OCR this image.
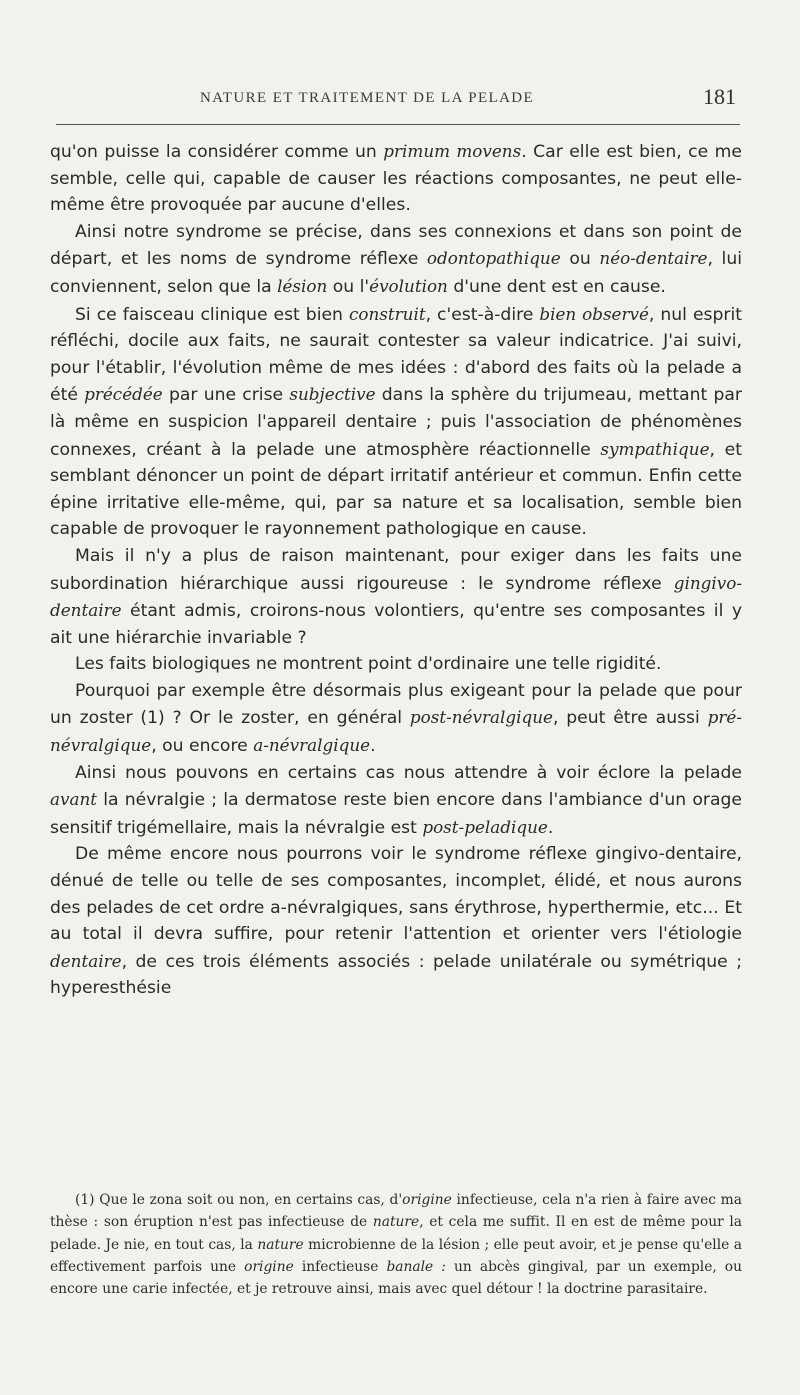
NATURE ET TRAITEMENT DE LA PELADE	181

qu'on puisse la considérer comme un primum movens. Car elle est bien, ce me semble, celle qui, capable de causer les réactions composantes, ne peut elle-même être provoquée par aucune d'elles.

Ainsi notre syndrome se précise, dans ses connexions et dans son point de départ, et les noms de syndrome réflexe odontopathique ou néo-dentaire, lui conviennent, selon que la lésion ou l'évolution d'une dent est en cause.

Si ce faisceau clinique est bien construit, c'est-à-dire bien observé, nul esprit réfléchi, docile aux faits, ne saurait contester sa valeur indicatrice. J'ai suivi, pour l'établir, l'évolution même de mes idées : d'abord des faits où la pelade a été précédée par une crise subjective dans la sphère du trijumeau, mettant par là même en suspicion l'appareil dentaire ; puis l'association de phénomènes connexes, créant à la pelade une atmosphère réactionnelle sympathique, et semblant dénoncer un point de départ irritatif antérieur et commun. Enfin cette épine irritative elle-même, qui, par sa nature et sa localisation, semble bien capable de provoquer le rayonnement pathologique en cause.

Mais il n'y a plus de raison maintenant, pour exiger dans les faits une subordination hiérarchique aussi rigoureuse : le syndrome réflexe gingivo-dentaire étant admis, croirons-nous volontiers, qu'entre ses composantes il y ait une hiérarchie invariable ?

Les faits biologiques ne montrent point d'ordinaire une telle rigidité.

Pourquoi par exemple être désormais plus exigeant pour la pelade que pour un zoster (1) ? Or le zoster, en général post-névralgique, peut être aussi pré-névralgique, ou encore a-névralgique.

Ainsi nous pouvons en certains cas nous attendre à voir éclore la pelade avant la névralgie ; la dermatose reste bien encore dans l'ambiance d'un orage sensitif trigémellaire, mais la névralgie est post-peladique.

De même encore nous pourrons voir le syndrome réflexe gingivo-dentaire, dénué de telle ou telle de ses composantes, incomplet, élidé, et nous aurons des pelades de cet ordre a-névralgiques, sans érythrose, hyperthermie, etc... Et au total il devra suffire, pour retenir l'attention et orienter vers l'étiologie dentaire, de ces trois éléments associés : pelade unilatérale ou symétrique ; hyperesthésie

(1) Que le zona soit ou non, en certains cas, d'origine infectieuse, cela n'a rien à faire avec ma thèse : son éruption n'est pas infectieuse de nature, et cela me suffit. Il en est de même pour la pelade. Je nie, en tout cas, la nature microbienne de la lésion ; elle peut avoir, et je pense qu'elle a effectivement parfois une origine infectieuse banale : un abcès gingival, par un exemple, ou encore une carie infectée, et je retrouve ainsi, mais avec quel détour ! la doctrine parasitaire.
